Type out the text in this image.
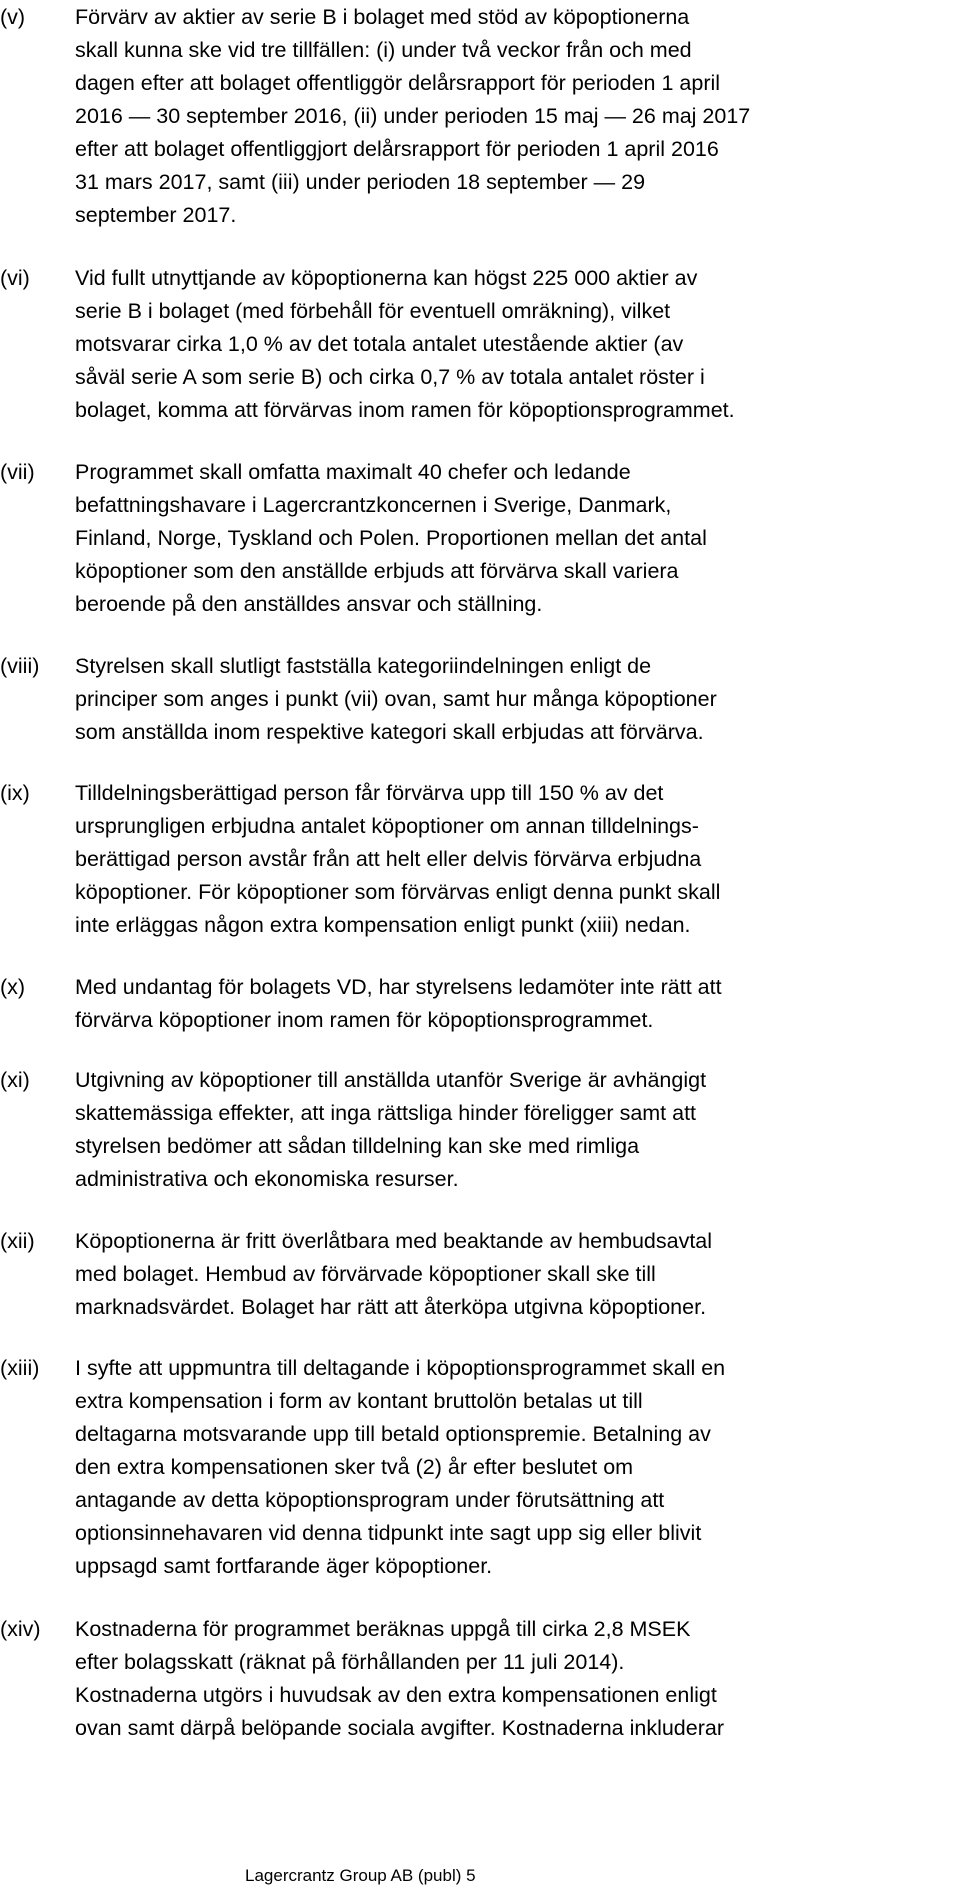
(v) Förvärv av aktier av serie B i bolaget med stöd av köpoptionerna
skall kunna ske vid tre tillfällen: (i) under två veckor från och med
dagen efter att bolaget offentliggör delårsrapport för perioden 1 april
2016 — 30 september 2016, (ii) under perioden 15 maj — 26 maj 2017
efter att bolaget offentliggjort delårsrapport för perioden 1 april 2016
31 mars 2017, samt (iii) under perioden 18 september — 29
september 2017.
(vi) Vid fullt utnyttjande av köpoptionerna kan högst 225 000 aktier av
serie B i bolaget (med förbehåll för eventuell omräkning), vilket
motsvarar cirka 1,0 % av det totala antalet utestående aktier (av
såväl serie A som serie B) och cirka 0,7 % av totala antalet röster i
bolaget, komma att förvärvas inom ramen för köpoptionsprogrammet.
(vii) Programmet skall omfatta maximalt 40 chefer och ledande
befattningshavare i Lagercrantzkoncernen i Sverige, Danmark,
Finland, Norge, Tyskland och Polen. Proportionen mellan det antal
köpoptioner som den anställde erbjuds att förvärva skall variera
beroende på den anställdes ansvar och ställning.
(viii) Styrelsen skall slutligt fastställa kategoriindelningen enligt de
principer som anges i punkt (vii) ovan, samt hur många köpoptioner
som anställda inom respektive kategori skall erbjudas att förvärva.
(ix) Tilldelningsberättigad person får förvärva upp till 150 % av det
ursprungligen erbjudna antalet köpoptioner om annan tilldelnings-
berättigad person avstår från att helt eller delvis förvärva erbjudna
köpoptioner. För köpoptioner som förvärvas enligt denna punkt skall
inte erläggas någon extra kompensation enligt punkt (xiii) nedan.
(x) Med undantag för bolagets VD, har styrelsens ledamöter inte rätt att
förvärva köpoptioner inom ramen för köpoptionsprogrammet.
(xi) Utgivning av köpoptioner till anställda utanför Sverige är avhängigt
skattemässiga effekter, att inga rättsliga hinder föreligger samt att
styrelsen bedömer att sådan tilldelning kan ske med rimliga
administrativa och ekonomiska resurser.
(xii) Köpoptionerna är fritt överlåtbara med beaktande av hembudsavtal
med bolaget. Hembud av förvärvade köpoptioner skall ske till
marknadsvärdet. Bolaget har rätt att återköpa utgivna köpoptioner.
(xiii) I syfte att uppmuntra till deltagande i köpoptionsprogrammet skall en
extra kompensation i form av kontant bruttolön betalas ut till
deltagarna motsvarande upp till betald optionspremie. Betalning av
den extra kompensationen sker två (2) år efter beslutet om
antagande av detta köpoptionsprogram under förutsättning att
optionsinnehavaren vid denna tidpunkt inte sagt upp sig eller blivit
uppsagd samt fortfarande äger köpoptioner.
(xiv) Kostnaderna för programmet beräknas uppgå till cirka 2,8 MSEK
efter bolagsskatt (räknat på förhållanden per 11 juli 2014).
Kostnaderna utgörs i huvudsak av den extra kompensationen enligt
ovan samt därpå belöpande sociala avgifter. Kostnaderna inkluderar
Lagercrantz Group AB (publ) 5
